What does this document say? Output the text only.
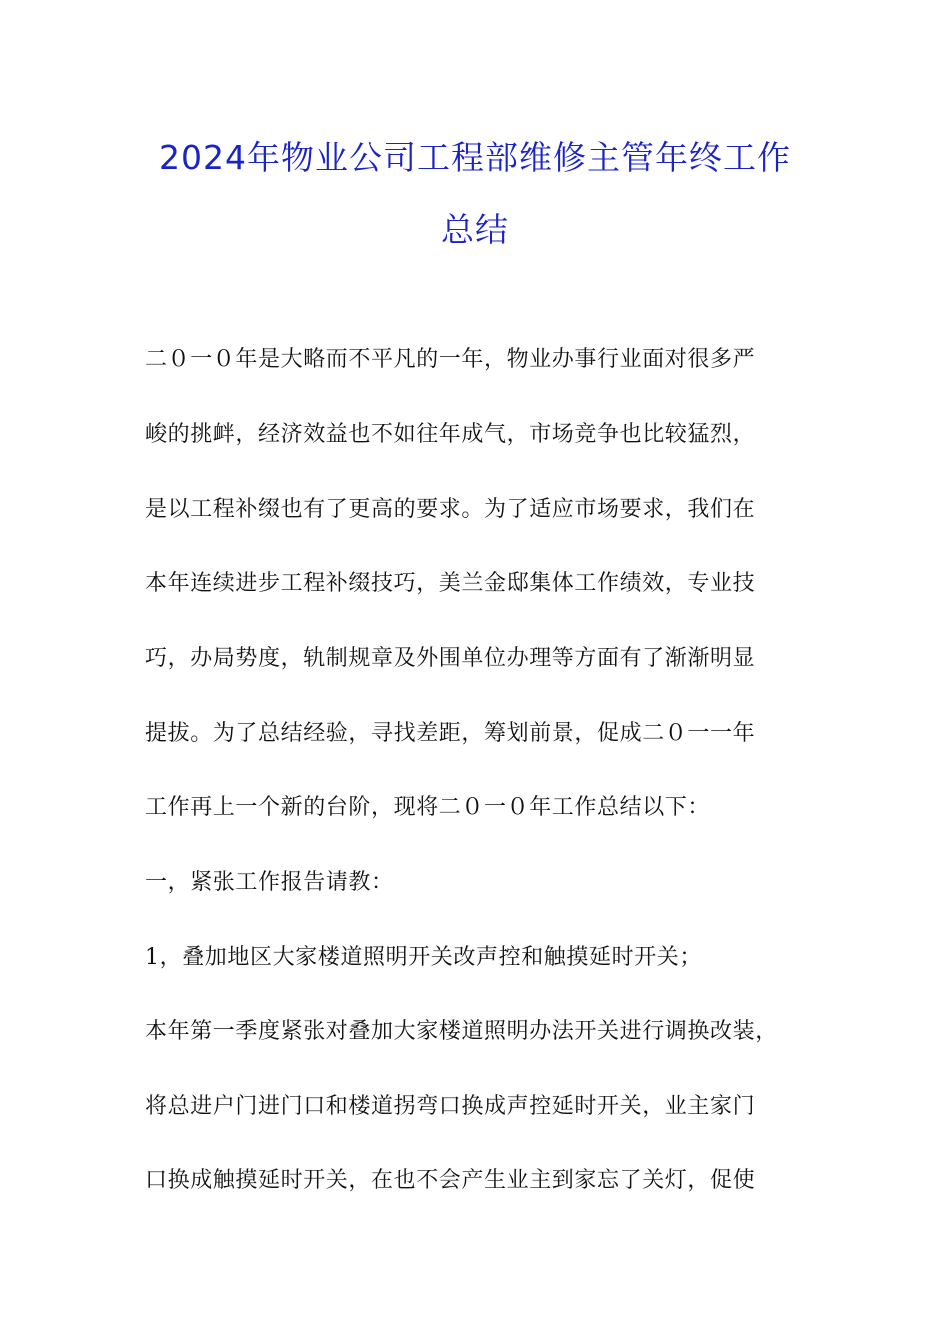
2024年物业公司工程部维修主管年终工作
总结
二０一０年是大略而不平凡的一年，物业办事行业面对很多严
峻的挑衅，经济效益也不如往年成气，市场竞争也比较猛烈，
是以工程补缀也有了更高的要求。为了适应市场要求，我们在
本年连续进步工程补缀技巧，美兰金邸集体工作绩效，专业技
巧，办局势度，轨制规章及外围单位办理等方面有了渐渐明显
提拔。为了总结经验，寻找差距，筹划前景，促成二０一一年
工作再上一个新的台阶，现将二０一０年工作总结以下：
一，紧张工作报告请教：
1，叠加地区大家楼道照明开关改声控和触摸延时开关；
本年第一季度紧张对叠加大家楼道照明办法开关进行调换改装，
将总进户门进门口和楼道拐弯口换成声控延时开关，业主家门
口换成触摸延时开关，在也不会产生业主到家忘了关灯，促使
